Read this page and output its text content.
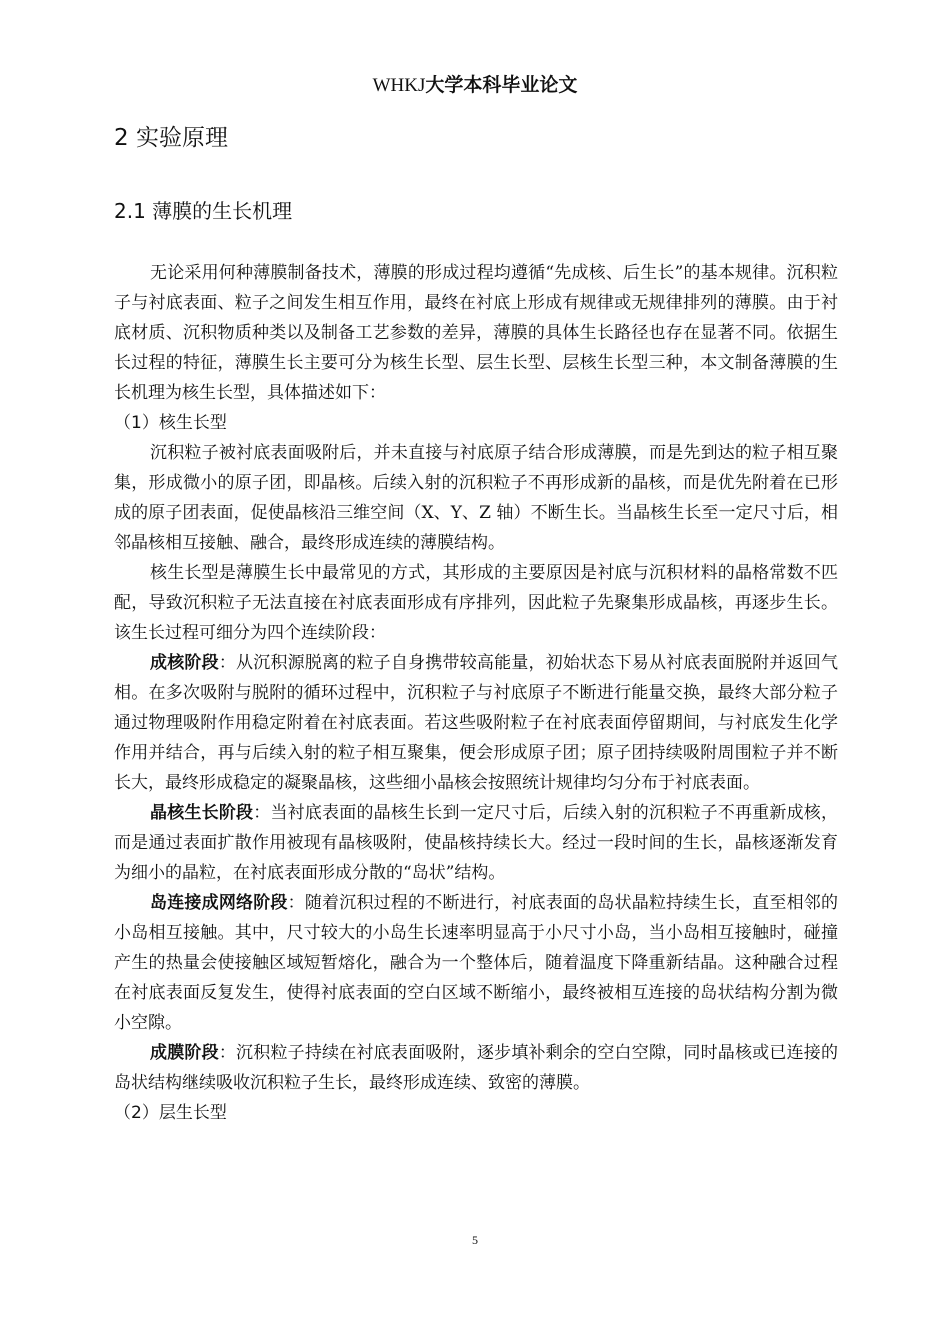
WHKJ大学本科毕业论文
2 实验原理
2.1 薄膜的生长机理

无论采用何种薄膜制备技术，薄膜的形成过程均遵循“先成核、后生长”的基本规律。沉积粒子与衬底表面、粒子之间发生相互作用，最终在衬底上形成有规律或无规律排列的薄膜。由于衬底材质、沉积物质种类以及制备工艺参数的差异，薄膜的具体生长路径也存在显著不同。依据生长过程的特征，薄膜生长主要可分为核生长型、层生长型、层核生长型三种，本文制备薄膜的生长机理为核生长型，具体描述如下：

（1）核生长型

沉积粒子被衬底表面吸附后，并未直接与衬底原子结合形成薄膜，而是先到达的粒子相互聚集，形成微小的原子团，即晶核。后续入射的沉积粒子不再形成新的晶核，而是优先附着在已形成的原子团表面，促使晶核沿三维空间（X、Y、Z 轴）不断生长。当晶核生长至一定尺寸后，相邻晶核相互接触、融合，最终形成连续的薄膜结构。

核生长型是薄膜生长中最常见的方式，其形成的主要原因是衬底与沉积材料的晶格常数不匹配，导致沉积粒子无法直接在衬底表面形成有序排列，因此粒子先聚集形成晶核，再逐步生长。该生长过程可细分为四个连续阶段：

成核阶段：从沉积源脱离的粒子自身携带较高能量，初始状态下易从衬底表面脱附并返回气相。在多次吸附与脱附的循环过程中，沉积粒子与衬底原子不断进行能量交换，最终大部分粒子通过物理吸附作用稳定附着在衬底表面。若这些吸附粒子在衬底表面停留期间，与衬底发生化学作用并结合，再与后续入射的粒子相互聚集，便会形成原子团；原子团持续吸附周围粒子并不断长大，最终形成稳定的凝聚晶核，这些细小晶核会按照统计规律均匀分布于衬底表面。

晶核生长阶段：当衬底表面的晶核生长到一定尺寸后，后续入射的沉积粒子不再重新成核，而是通过表面扩散作用被现有晶核吸附，使晶核持续长大。经过一段时间的生长，晶核逐渐发育为细小的晶粒，在衬底表面形成分散的“岛状”结构。

岛连接成网络阶段：随着沉积过程的不断进行，衬底表面的岛状晶粒持续生长，直至相邻的小岛相互接触。其中，尺寸较大的小岛生长速率明显高于小尺寸小岛，当小岛相互接触时，碰撞产生的热量会使接触区域短暂熔化，融合为一个整体后，随着温度下降重新结晶。这种融合过程在衬底表面反复发生，使得衬底表面的空白区域不断缩小，最终被相互连接的岛状结构分割为微小空隙。

成膜阶段：沉积粒子持续在衬底表面吸附，逐步填补剩余的空白空隙，同时晶核或已连接的岛状结构继续吸收沉积粒子生长，最终形成连续、致密的薄膜。

（2）层生长型

5
